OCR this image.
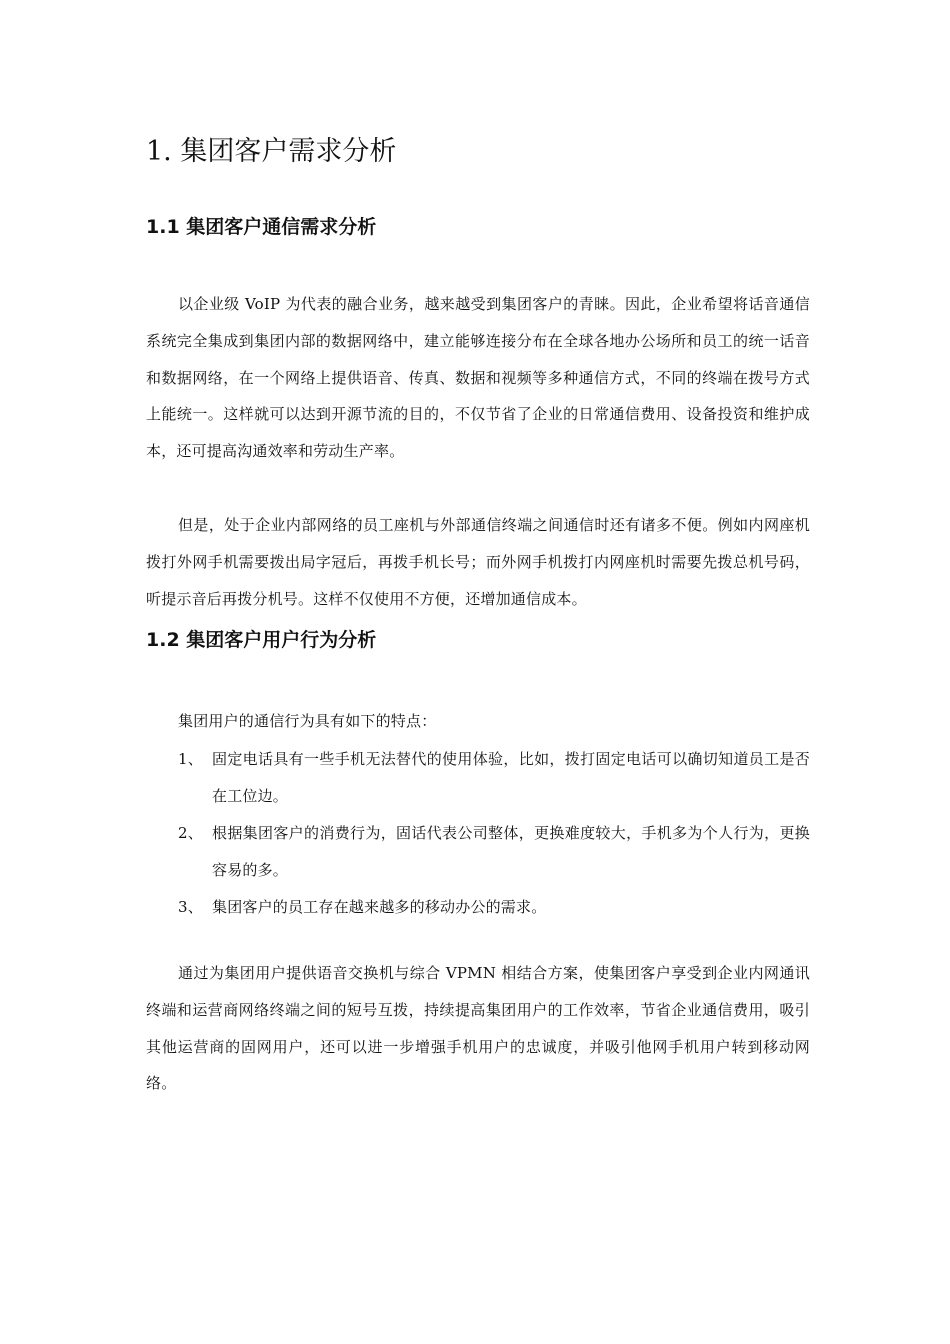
1. 集团客户需求分析
1.1 集团客户通信需求分析

以企业级 VoIP 为代表的融合业务，越来越受到集团客户的青睐。因此，企业希望将话音通信系统完全集成到集团内部的数据网络中，建立能够连接分布在全球各地办公场所和员工的统一话音和数据网络，在一个网络上提供语音、传真、数据和视频等多种通信方式，不同的终端在拨号方式上能统一。这样就可以达到开源节流的目的，不仅节省了企业的日常通信费用、设备投资和维护成本，还可提高沟通效率和劳动生产率。

但是，处于企业内部网络的员工座机与外部通信终端之间通信时还有诸多不便。例如内网座机拨打外网手机需要拨出局字冠后，再拨手机长号；而外网手机拨打内网座机时需要先拨总机号码，听提示音后再拨分机号。这样不仅使用不方便，还增加通信成本。

1.2 集团客户用户行为分析

集团用户的通信行为具有如下的特点：

1、 固定电话具有一些手机无法替代的使用体验，比如，拨打固定电话可以确切知道员工是否在工位边。
2、 根据集团客户的消费行为，固话代表公司整体，更换难度较大，手机多为个人行为，更换容易的多。
3、 集团客户的员工存在越来越多的移动办公的需求。

通过为集团用户提供语音交换机与综合 VPMN 相结合方案，使集团客户享受到企业内网通讯终端和运营商网络终端之间的短号互拨，持续提高集团用户的工作效率，节省企业通信费用，吸引其他运营商的固网用户，还可以进一步增强手机用户的忠诚度，并吸引他网手机用户转到移动网络。
